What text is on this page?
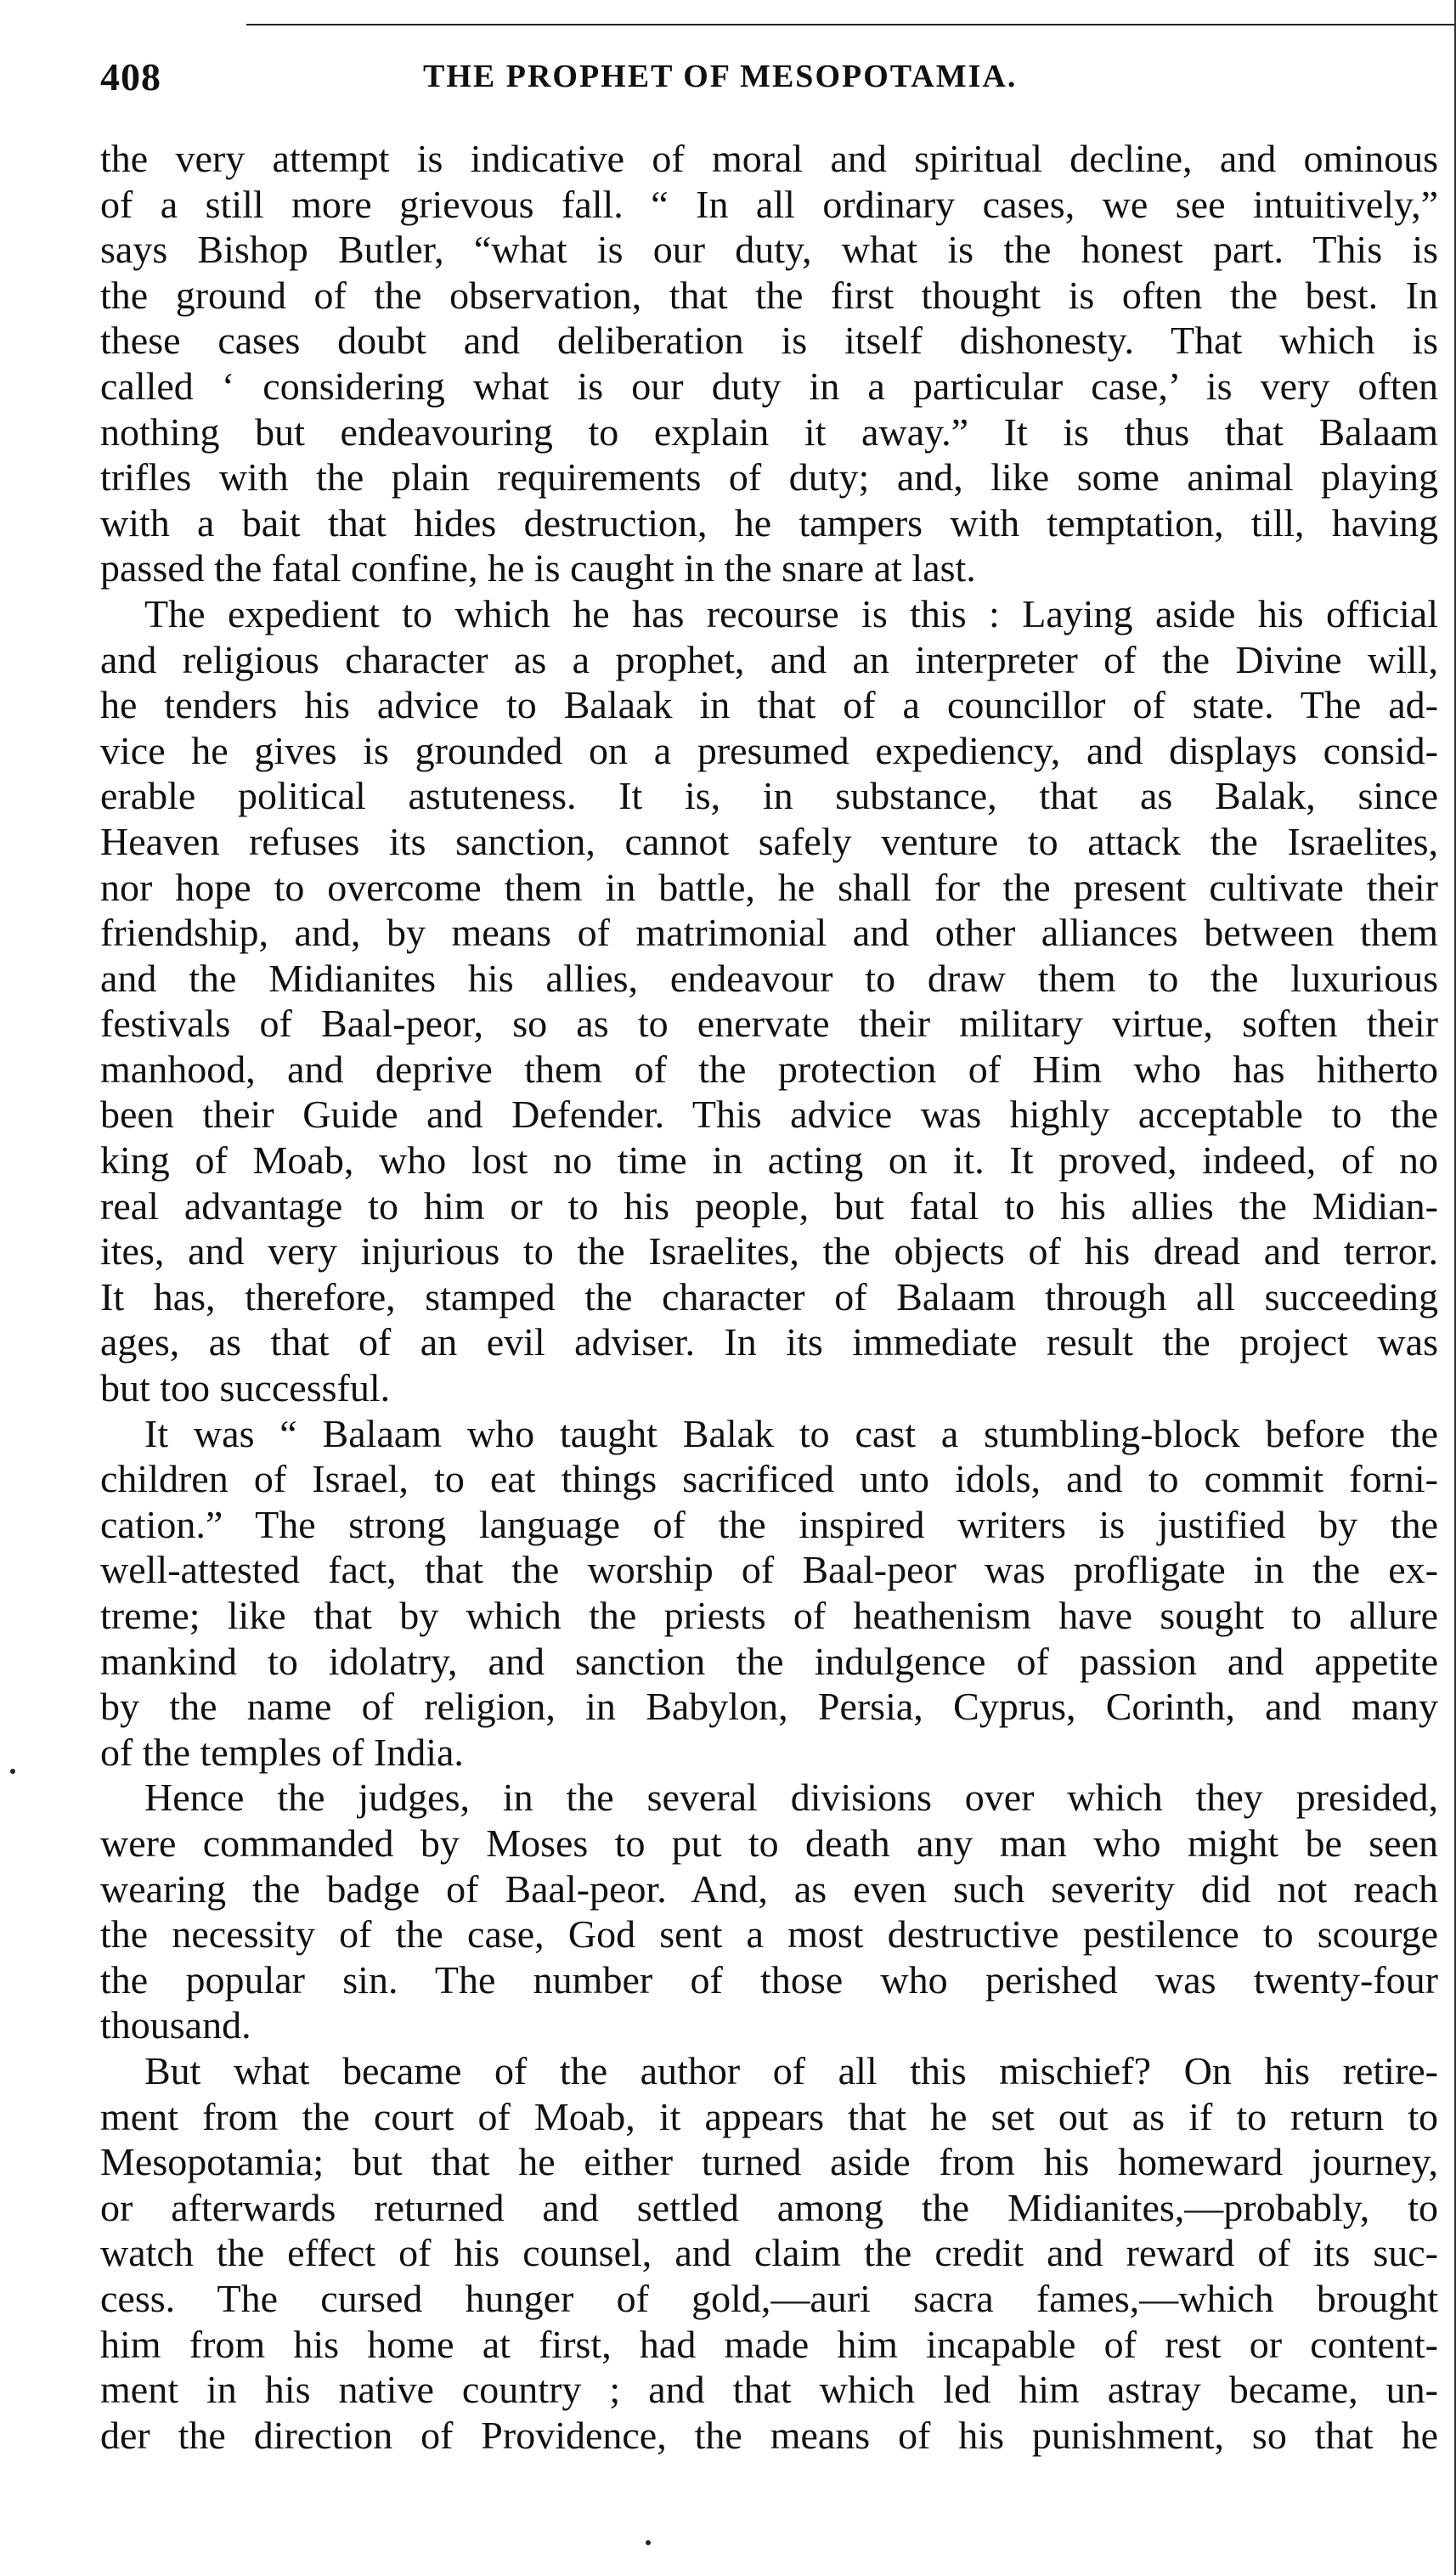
408	THE PROPHET OF MESOPOTAMIA.
the very attempt is indicative of moral and spiritual decline, and ominous
of a still more grievous fall. “ In all ordinary cases, we see intuitively,”
says Bishop Butler, “what is our duty, what is the honest part. This is
the ground of the observation, that the first thought is often the best. In
these cases doubt and deliberation is itself dishonesty. That which is
called ‘ considering what is our duty in a particular case,’ is very often
nothing but endeavouring to explain it away.” It is thus that Balaam
trifles with the plain requirements of duty; and, like some animal playing
with a bait that hides destruction, he tampers with temptation, till, having
passed the fatal confine, he is caught in the snare at last.
The expedient to which he has recourse is this : Laying aside his official
and religious character as a prophet, and an interpreter of the Divine will,
he tenders his advice to Balaak in that of a councillor of state. The ad-
vice he gives is grounded on a presumed expediency, and displays consid-
erable political astuteness. It is, in substance, that as Balak, since
Heaven refuses its sanction, cannot safely venture to attack the Israelites,
nor hope to overcome them in battle, he shall for the present cultivate their
friendship, and, by means of matrimonial and other alliances between them
and the Midianites his allies, endeavour to draw them to the luxurious
festivals of Baal-peor, so as to enervate their military virtue, soften their
manhood, and deprive them of the protection of Him who has hitherto
been their Guide and Defender. This advice was highly acceptable to the
king of Moab, who lost no time in acting on it. It proved, indeed, of no
real advantage to him or to his people, but fatal to his allies the Midian-
ites, and very injurious to the Israelites, the objects of his dread and terror.
It has, therefore, stamped the character of Balaam through all succeeding
ages, as that of an evil adviser. In its immediate result the project was
but too successful.
It was “ Balaam who taught Balak to cast a stumbling-block before the
children of Israel, to eat things sacrificed unto idols, and to commit forni-
cation.” The strong language of the inspired writers is justified by the
well-attested fact, that the worship of Baal-peor was profligate in the ex-
treme; like that by which the priests of heathenism have sought to allure
mankind to idolatry, and sanction the indulgence of passion and appetite
by the name of religion, in Babylon, Persia, Cyprus, Corinth, and many
of the temples of India.
Hence the judges, in the several divisions over which they presided,
were commanded by Moses to put to death any man who might be seen
wearing the badge of Baal-peor. And, as even such severity did not reach
the necessity of the case, God sent a most destructive pestilence to scourge
the popular sin. The number of those who perished was twenty-four
thousand.
But what became of the author of all this mischief? On his retire-
ment from the court of Moab, it appears that he set out as if to return to
Mesopotamia; but that he either turned aside from his homeward journey,
or afterwards returned and settled among the Midianites,—probably, to
watch the effect of his counsel, and claim the credit and reward of its suc-
cess. The cursed hunger of gold,—auri sacra fames,—which brought
him from his home at first, had made him incapable of rest or content-
ment in his native country ; and that which led him astray became, un-
der the direction of Providence, the means of his punishment, so that he
